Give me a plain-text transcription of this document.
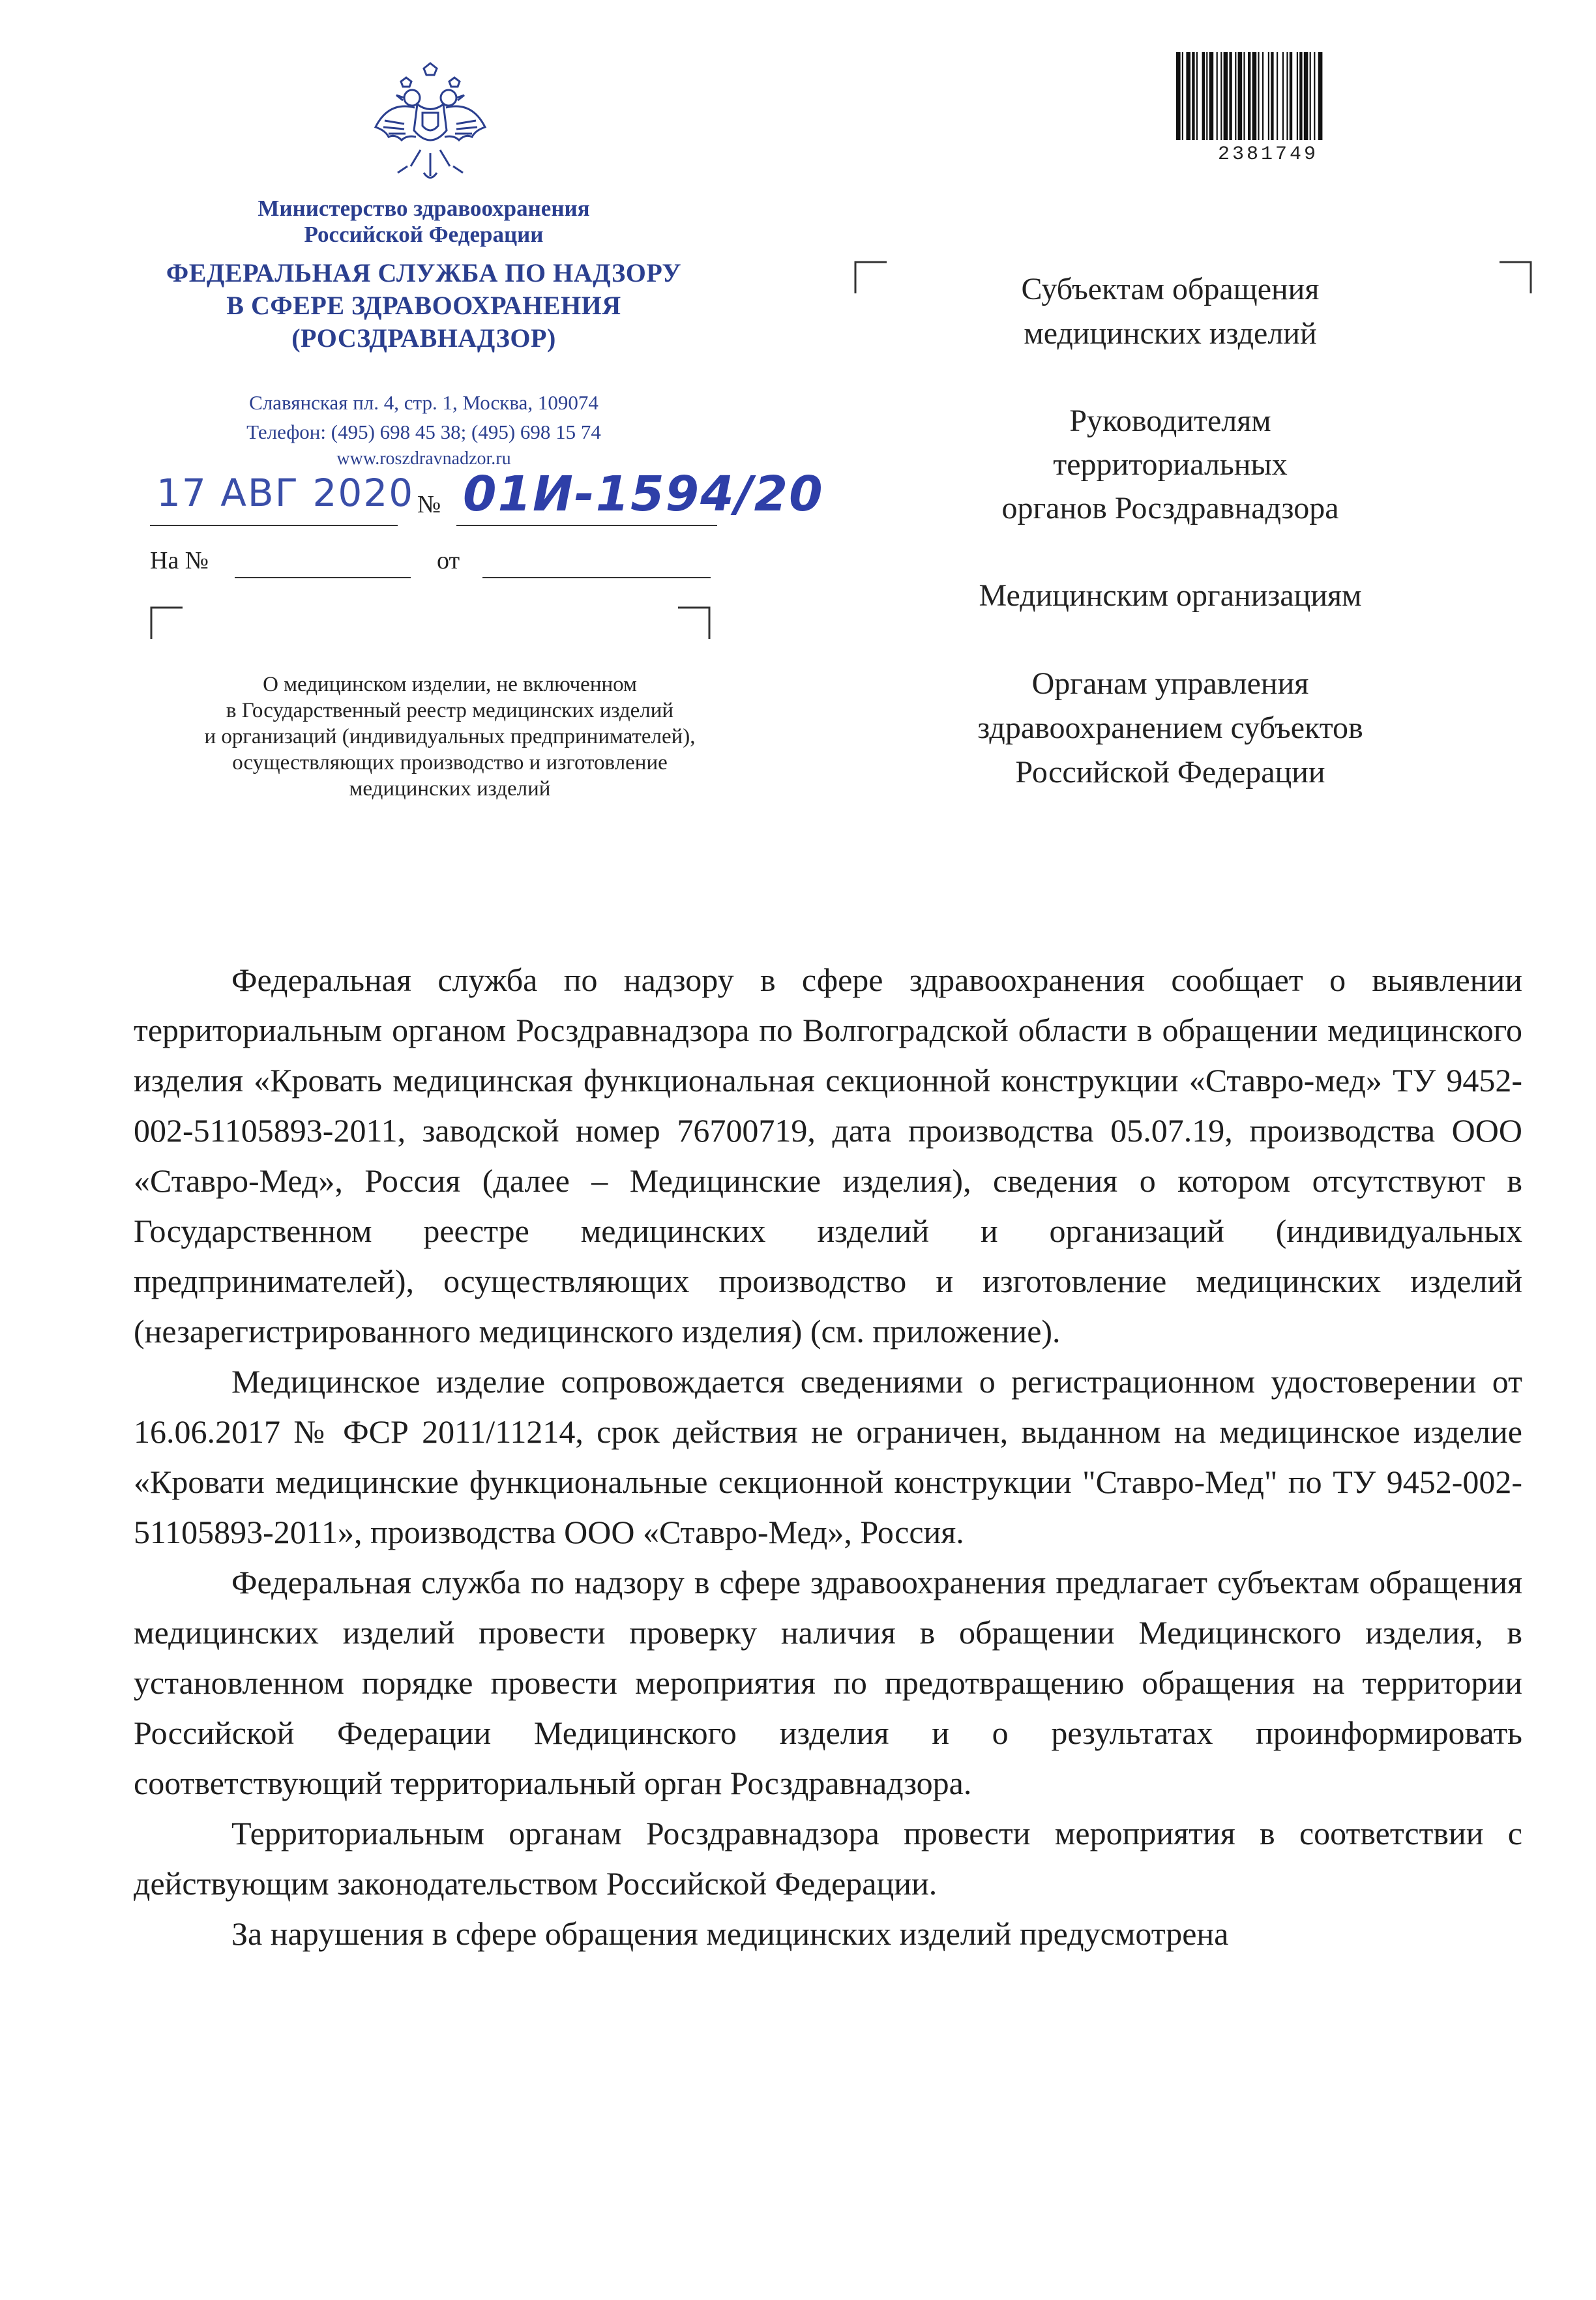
2381749
Министерство здравоохранения
Российской Федерации
ФЕДЕРАЛЬНАЯ СЛУЖБА ПО НАДЗОРУ
В СФЕРЕ ЗДРАВООХРАНЕНИЯ
(РОСЗДРАВНАДЗОР)
Славянская пл. 4, стр. 1, Москва, 109074
Телефон: (495) 698 45 38; (495) 698 15 74
www.roszdravnadzor.ru
17 АВГ 2020 № 01И-1594/20
На №	от
О медицинском изделии, не включенном
в Государственный реестр медицинских изделий
и организаций (индивидуальных предпринимателей),
осуществляющих производство и изготовление
медицинских изделий
Субъектам обращения
медицинских изделий
Руководителям
территориальных
органов Росздравнадзора
Медицинским организациям
Органам управления
здравоохранением субъектов
Российской Федерации

Федеральная служба по надзору в сфере здравоохранения сообщает о выявлении территориальным органом Росздравнадзора по Волгоградской области в обращении медицинского изделия «Кровать медицинская функциональная секционной конструкции «Ставро-мед» ТУ 9452-002-51105893-2011, заводской номер 76700719, дата производства 05.07.19, производства ООО «Ставро-Мед», Россия (далее – Медицинские изделия), сведения о котором отсутствуют в Государственном реестре медицинских изделий и организаций (индивидуальных предпринимателей), осуществляющих производство и изготовление медицинских изделий (незарегистрированного медицинского изделия) (см. приложение).

Медицинское изделие сопровождается сведениями о регистрационном удостоверении от 16.06.2017 № ФСР 2011/11214, срок действия не ограничен, выданном на медицинское изделие «Кровати медицинские функциональные секционной конструкции "Ставро-Мед" по ТУ 9452-002-51105893-2011», производства ООО «Ставро-Мед», Россия.

Федеральная служба по надзору в сфере здравоохранения предлагает субъектам обращения медицинских изделий провести проверку наличия в обращении Медицинского изделия, в установленном порядке провести мероприятия по предотвращению обращения на территории Российской Федерации Медицинского изделия и о результатах проинформировать соответствующий территориальный орган Росздравнадзора.

Территориальным органам Росздравнадзора провести мероприятия в соответствии с действующим законодательством Российской Федерации.

За нарушения в сфере обращения медицинских изделий предусмотрена
